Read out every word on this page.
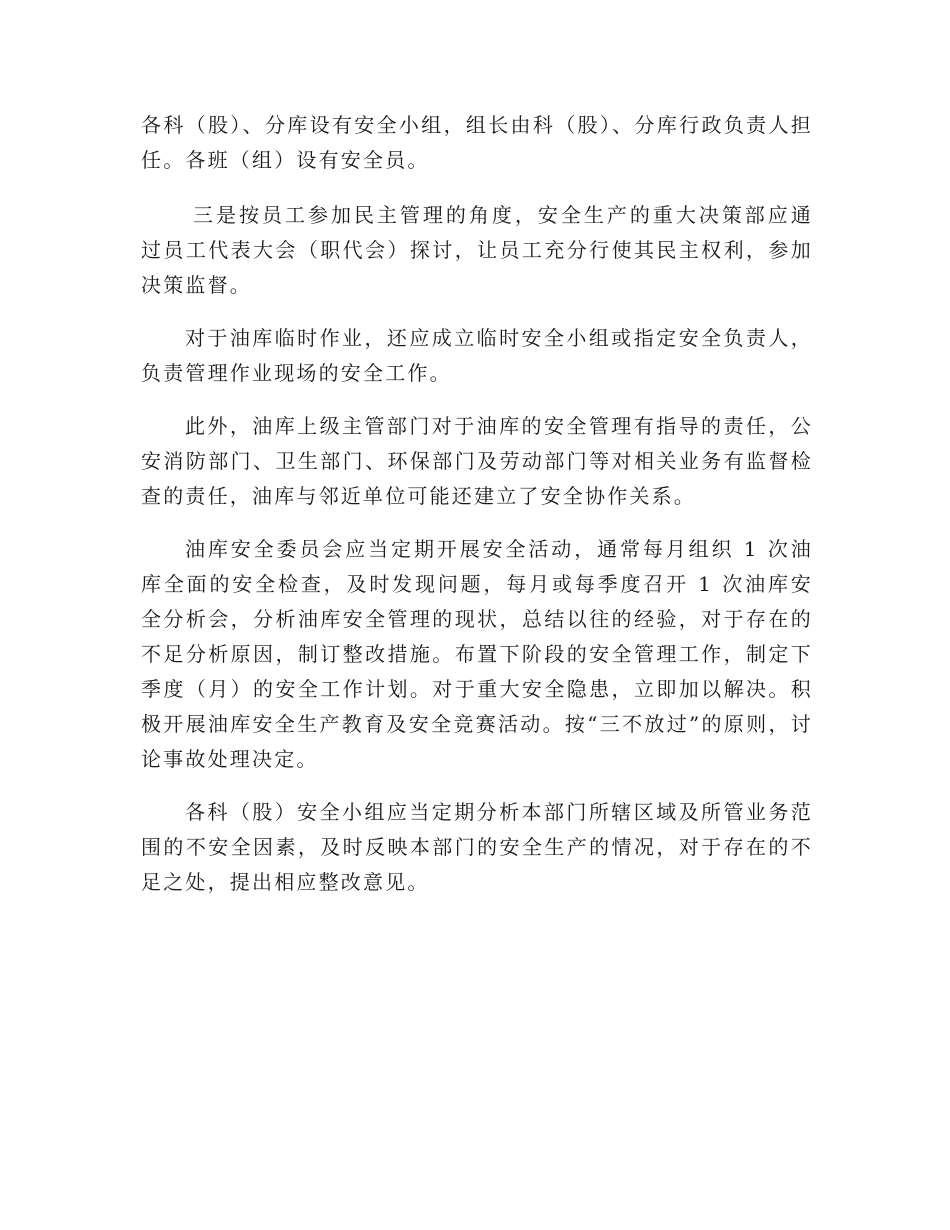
各科（股）、分库设有安全小组，组长由科（股）、分库行政负责人担任。各班（组）设有安全员。

三是按员工参加民主管理的角度，安全生产的重大决策部应通过员工代表大会（职代会）探讨，让员工充分行使其民主权利，参加决策监督。

对于油库临时作业，还应成立临时安全小组或指定安全负责人，负责管理作业现场的安全工作。

此外，油库上级主管部门对于油库的安全管理有指导的责任，公安消防部门、卫生部门、环保部门及劳动部门等对相关业务有监督检查的责任，油库与邻近单位可能还建立了安全协作关系。

油库安全委员会应当定期开展安全活动，通常每月组织 1 次油库全面的安全检查，及时发现问题，每月或每季度召开 1 次油库安全分析会，分析油库安全管理的现状，总结以往的经验，对于存在的不足分析原因，制订整改措施。布置下阶段的安全管理工作，制定下季度（月）的安全工作计划。对于重大安全隐患，立即加以解决。积极开展油库安全生产教育及安全竞赛活动。按“三不放过”的原则，讨论事故处理决定。

各科（股）安全小组应当定期分析本部门所辖区域及所管业务范围的不安全因素，及时反映本部门的安全生产的情况，对于存在的不足之处，提出相应整改意见。
